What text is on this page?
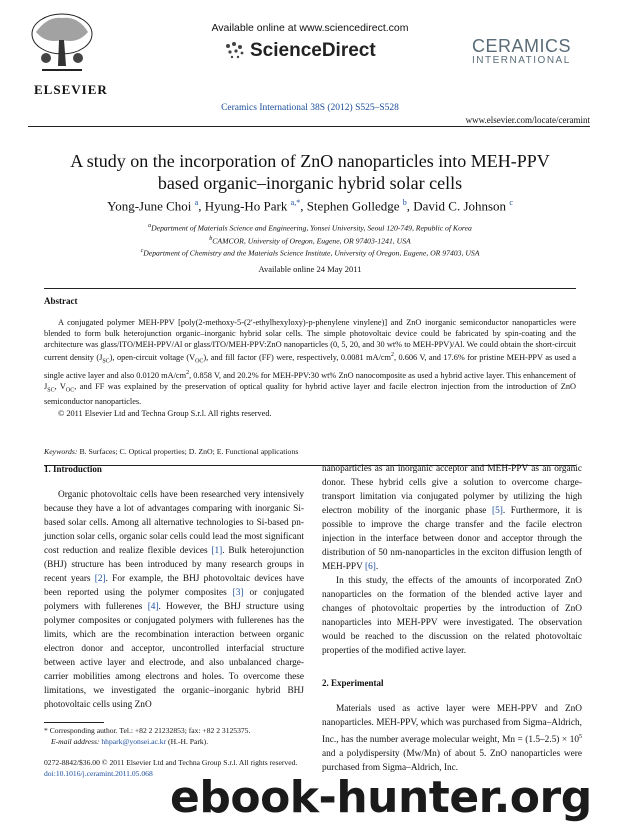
ELSEVIER
Available online at www.sciencedirect.com
ScienceDirect
Ceramics International 38S (2012) S525–S528
CERAMICS
INTERNATIONAL
www.elsevier.com/locate/ceramint
A study on the incorporation of ZnO nanoparticles into MEH-PPV
based organic–inorganic hybrid solar cells
Yong-June Choi $^a$, Hyung-Ho Park $^{a,*}$, Stephen Golledge $^b$, David C. Johnson $^c$
$^a$Department of Materials Science and Engineering, Yonsei University, Seoul 120-749, Republic of Korea
$^b$CAMCOR, University of Oregon, Eugene, OR 97403-1241, USA
$^c$Department of Chemistry and the Materials Science Institute, University of Oregon, Eugene, OR 97403, USA
Available online 24 May 2011
Abstract

A conjugated polymer MEH-PPV [poly(2-methoxy-5-(2′-ethylhexyloxy)-p-phenylene vinylene)] and ZnO inorganic semiconductor nanoparticles were blended to form bulk heterojunction organic–inorganic hybrid solar cells. The simple photovoltaic device could be fabricated by spin-coating and the architecture was glass/ITO/MEH-PPV/Al or glass/ITO/MEH-PPV:ZnO nanoparticles (0, 5, 20, and 30 wt% to MEH-PPV)/Al. We could obtain the short-circuit current density $(J_{SC})$, open-circuit voltage $(V_{OC})$, and fill factor (FF) were, respectively, 0.0081 $mA/cm^2$, 0.606 V, and 17.6% for pristine MEH-PPV as used a single active layer and also 0.0120 $mA/cm^2$, 0.858 V, and 20.2% for MEH-PPV:30 wt% ZnO nanocomposite as used a hybrid active layer. This enhancement of $J_{SC}$, $V_{OC}$, and FF was explained by the preservation of optical quality for hybrid active layer and facile electron injection from the introduction of ZnO semiconductor nanoparticles.

© 2011 Elsevier Ltd and Techna Group S.r.l. All rights reserved.

Keywords: B. Surfaces; C. Optical properties; D. ZnO; E. Functional applications
1. Introduction

Organic photovoltaic cells have been researched very intensively because they have a lot of advantages comparing with inorganic Si-based solar cells. Among all alternative technologies to Si-based pn-junction solar cells, organic solar cells could lead the most significant cost reduction and realize flexible devices [1]. Bulk heterojunction (BHJ) structure has been introduced by many research groups in recent years [2]. For example, the BHJ photovoltaic devices have been reported using the polymer composites [3] or conjugated polymers with fullerenes [4]. However, the BHJ structure using polymer composites or conjugated polymers with fullerenes has the limits, which are the recombination interaction between organic electron donor and acceptor, uncontrolled interfacial structure between active layer and electrode, and also unbalanced charge-carrier mobilities among electrons and holes. To overcome these limitations, we investigated the organic–inorganic hybrid BHJ photovoltaic cells using ZnO

nanoparticles as an inorganic acceptor and MEH-PPV as an organic donor. These hybrid cells give a solution to overcome charge-transport limitation via conjugated polymer by utilizing the high electron mobility of the inorganic phase [5]. Furthermore, it is possible to improve the charge transfer and the facile electron injection in the interface between donor and acceptor through the distribution of 50 nm-nanoparticles in the exciton diffusion length of MEH-PPV [6].

In this study, the effects of the amounts of incorporated ZnO nanoparticles on the formation of the blended active layer and changes of photovoltaic properties by the introduction of ZnO nanoparticles into MEH-PPV were investigated. The observation would be reached to the discussion on the related photovoltaic properties of the modified active layer.

2. Experimental

Materials used as active layer were MEH-PPV and ZnO nanoparticles. MEH-PPV, which was purchased from Sigma–Aldrich, Inc., has the number average molecular weight, $Mn = (1.5-2.5) \times 10^5$ and a polydispersity (Mw/Mn) of about 5. ZnO nanoparticles were purchased from Sigma–Aldrich, Inc.

* Corresponding author. Tel.: +82 2 21232853; fax: +82 2 3125375.
E-mail address: hhpark@yonsei.ac.kr (H.-H. Park).
0272-8842/$36.00 © 2011 Elsevier Ltd and Techna Group S.r.l. All rights reserved.
doi:10.1016/j.ceramint.2011.05.068 ebook-hunter.org
